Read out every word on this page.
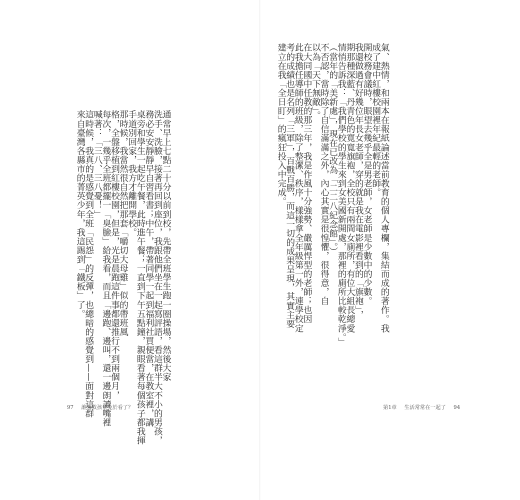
氣、熱情，和兩本在報紙論述當前教育的個人專欄，集結而成的著作。我
成了建中紅樓校園裡年紀最輕的老師。
開校務會議時，眼望去幾乎全是男老師，女老師是少數中的少數。
我還做過有好幾位年長女老師，穿的就是我在電影裡看到的「旗袍」，
期那種深藍、丹青色的寬寬旗袍，全校只有兩間女廁所，有位大組長總愛
情悄告訴我：「我們學校的學生來到女美國新開處，那裡的廁所比較乾淨。」
（當年的「美新處」，現在已改為「二二八紀念館」。）
不否認，當時除了自信滿滿之外，內心其實是很惶懼，很得意，自
以為「天下無敵」。
在大同國中任教的那三年，我是作風十分強勢、嚴厲悍型的老師；也因
此我擔任導師的班級，除了整潔、秩序，樣樣拿全年級第一外，連學校定
考的成績也是名列「三軍」，百戰百勝，而這一切的成果呈現，其實主要
建立在我「全日盯」的瘋狂投入中完成。
通常早上七點二十分以前到校，先帶全班學生跑一圈操場，然後大家
洗手、洗臉，接著再回到座位，我跟他們坐在一起寫評語，看這群半大不小的男孩，
務必安安靜靜早自習看書；中午，帶著同學一起到福利社買便當，在教室裡，講
桌旁和學生一起吃午餐，此時進午餐；一直到下午五點鐘，親眼看著每個孩子都我揮
手道別回家，我方才離開學校。
那時候，我當然很自然把那套「嚼切大母雞」似的帶班風
格，全盤移植到紅樓校園，但是，光是晨跑這件事都還推行不到兩個月，
每次，一幾乎全班都擺一「臭臉」給我看，而且「邊跑、邊叫，還一邊朗讀嘴裡
喊著：「三八、三八憂！」
這時候，我真的是感覺到全班「民怨」的反彈，也總暗的感覺到——面對這群
來自臺灣各縣市的菁英少年，我這踢到「鐵板」了。
97 誰來救孩子免於看了？	第1章 生活常常在一起了 94
